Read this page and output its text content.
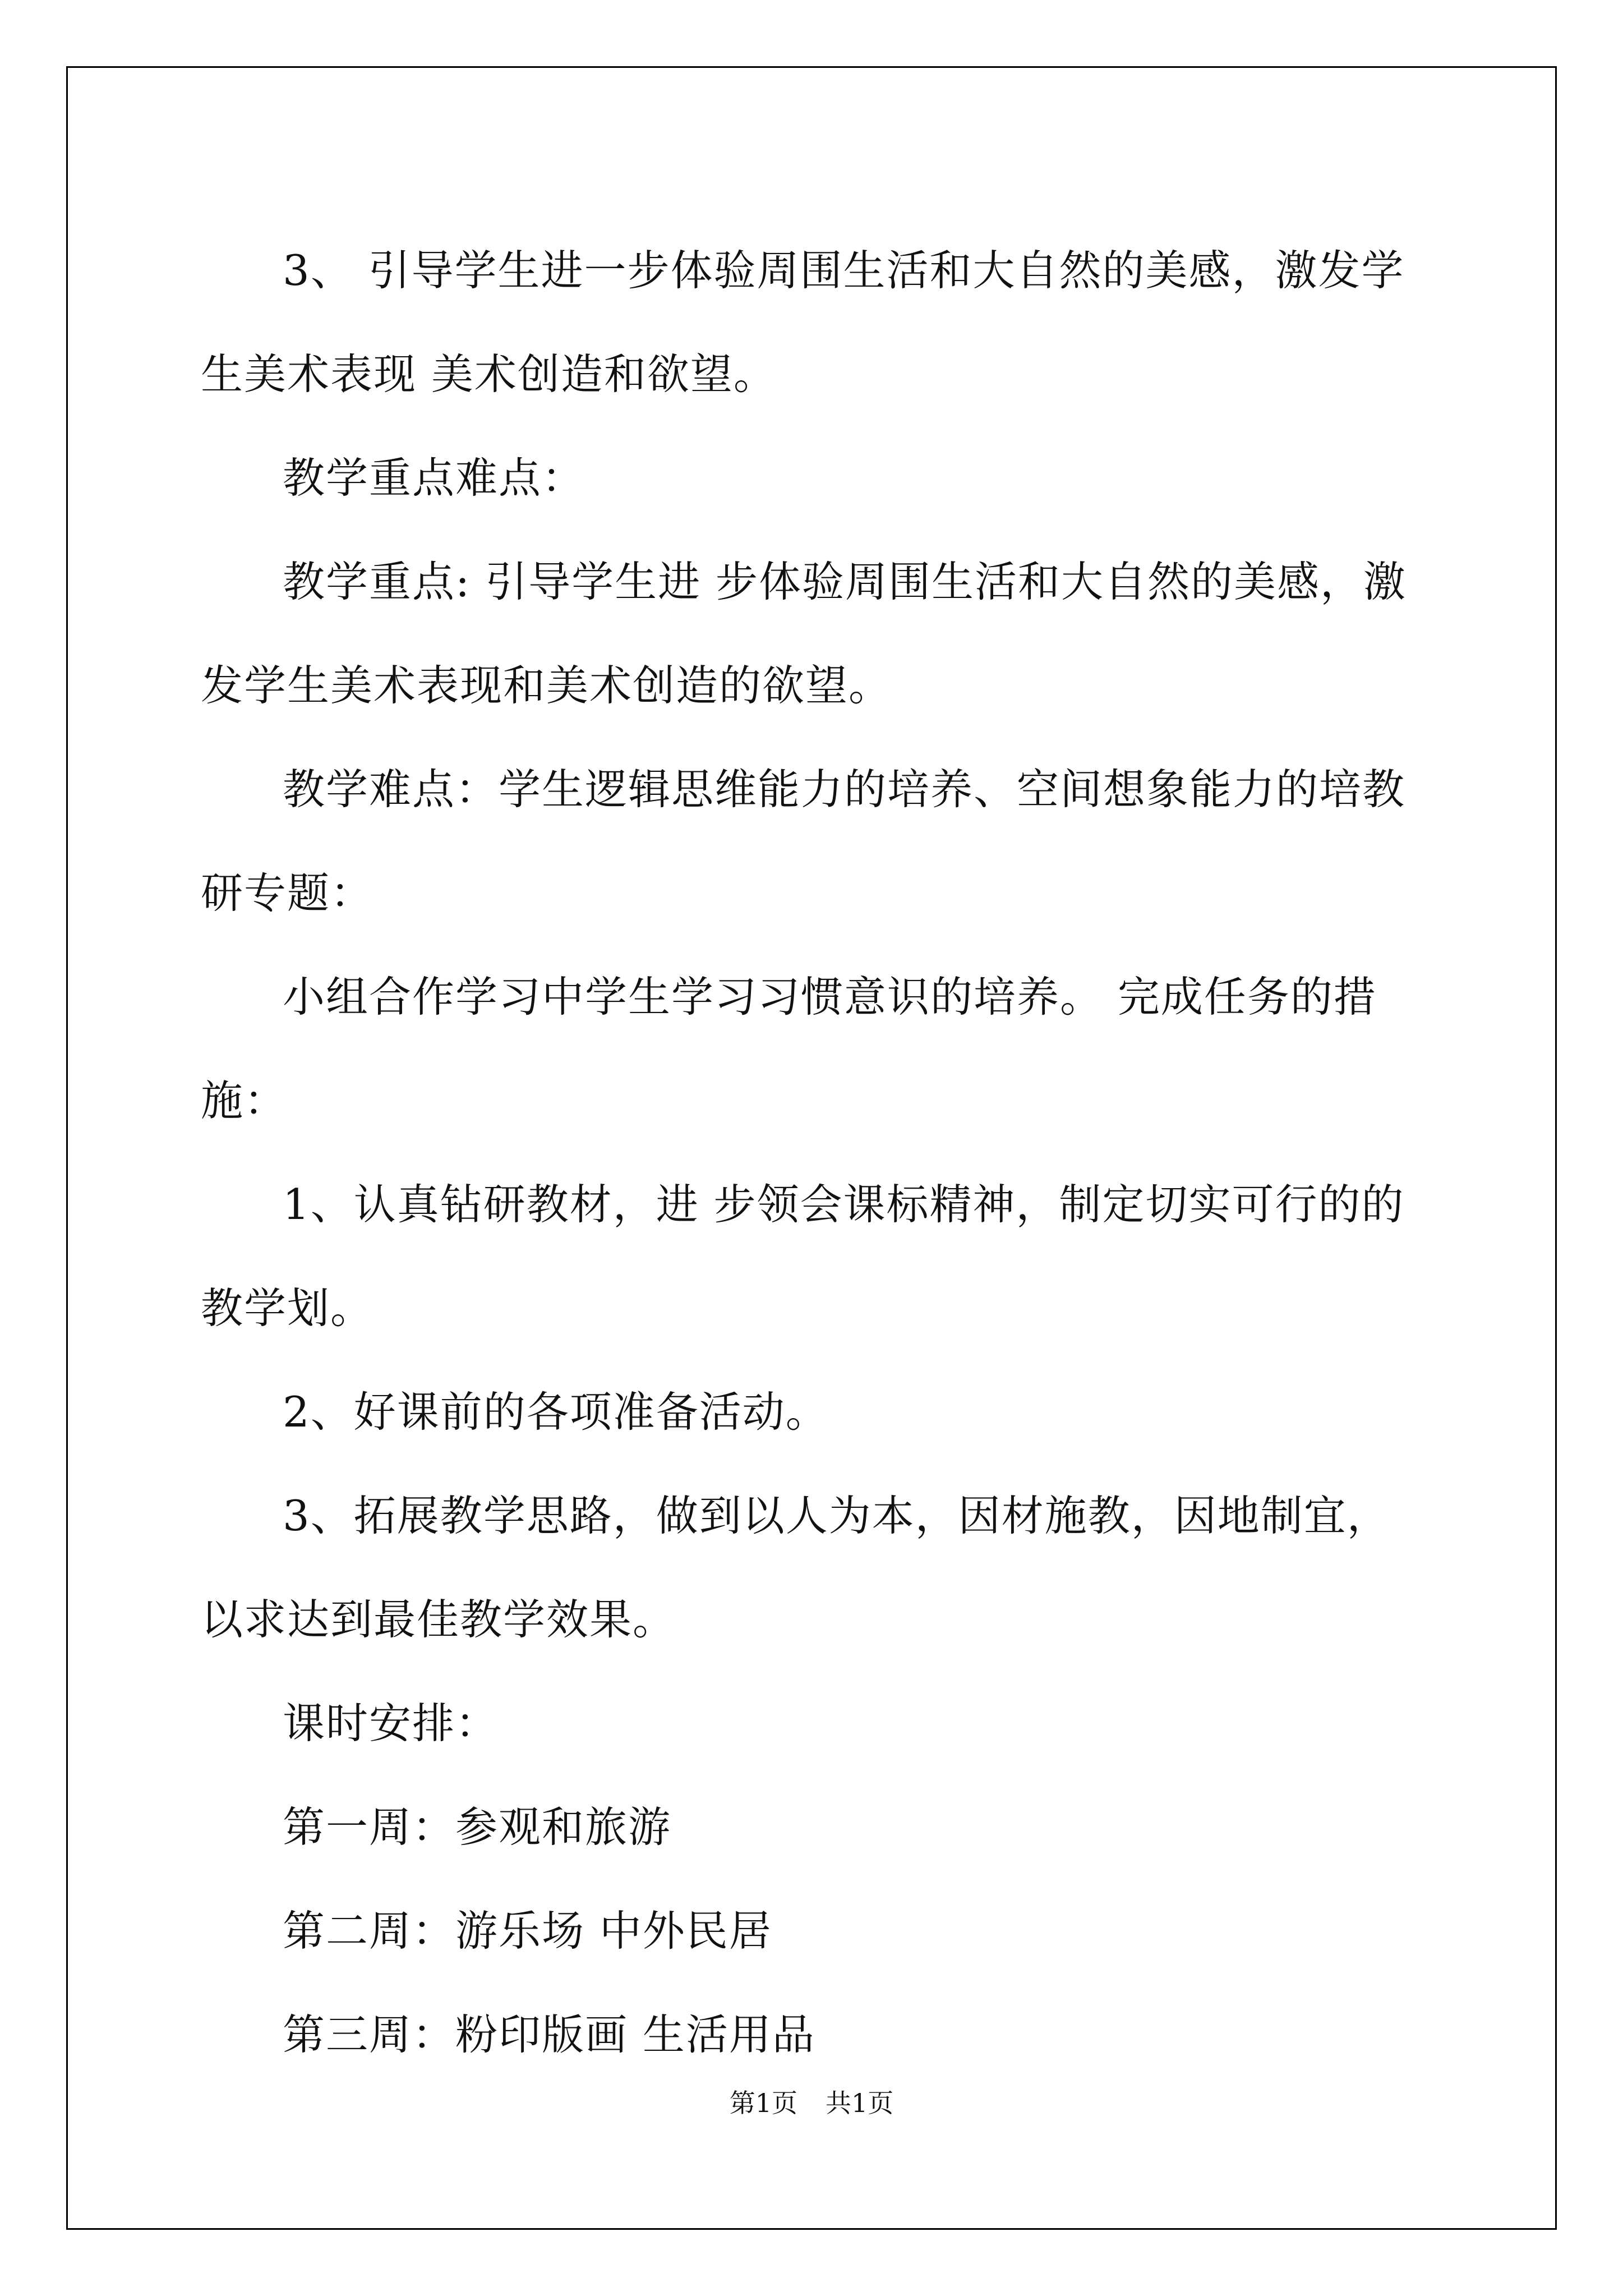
3、 引导学生进一步体验周围生活和大自然的美感，激发学生美术表现 美术创造和欲望。

教学重点难点：

教学重点: 引导学生进 步体验周围生活和大自然的美感，激发学生美术表现和美术创造的欲望。

教学难点：学生逻辑思维能力的培养、空间想象能力的培教研专题：

小组合作学习中学生学习习惯意识的培养。 完成任务的措施：

1、认真钻研教材，进 步领会课标精神，制定切实可行的的教学划。

2、好课前的各项准备活动。

3、拓展教学思路，做到以人为本，因材施教，因地制宜，以求达到最佳教学效果。

课时安排：

第一周：参观和旅游

第二周：游乐场 中外民居

第三周：粉印版画 生活用品

第1页 共1页
